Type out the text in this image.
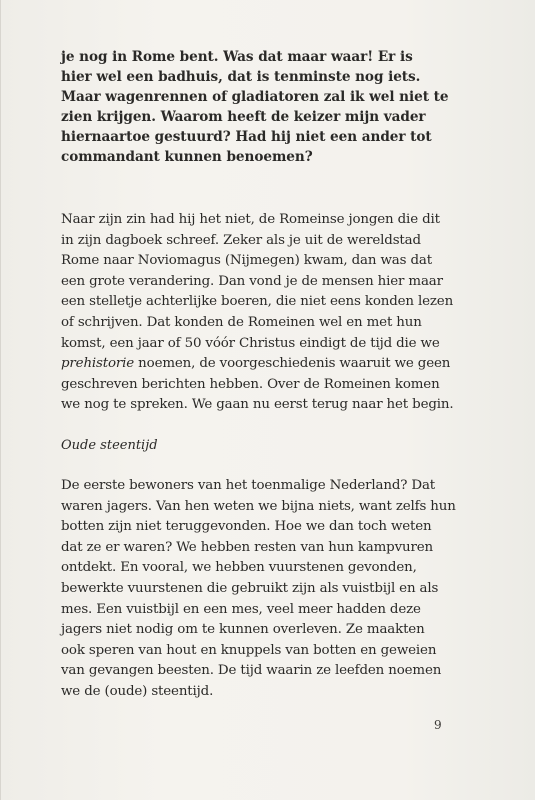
je nog in Rome bent. Was dat maar waar! Er is
hier wel een badhuis, dat is tenminste nog iets.
Maar wagenrennen of gladiatoren zal ik wel niet te
zien krijgen. Waarom heeft de keizer mijn vader
hiernaartoe gestuurd? Had hij niet een ander tot
commandant kunnen benoemen?
Naar zijn zin had hij het niet, de Romeinse jongen die dit
in zijn dagboek schreef. Zeker als je uit de wereldstad
Rome naar Noviomagus (Nijmegen) kwam, dan was dat
een grote verandering. Dan vond je de mensen hier maar
een stelletje achterlijke boeren, die niet eens konden lezen
of schrijven. Dat konden de Romeinen wel en met hun
komst, een jaar of 50 vóór Christus eindigt de tijd die we
prehistorie noemen, de voorgeschiedenis waaruit we geen
geschreven berichten hebben. Over de Romeinen komen
we nog te spreken. We gaan nu eerst terug naar het begin.
Oude steentijd
De eerste bewoners van het toenmalige Nederland? Dat
waren jagers. Van hen weten we bijna niets, want zelfs hun
botten zijn niet teruggevonden. Hoe we dan toch weten
dat ze er waren? We hebben resten van hun kampvuren
ontdekt. En vooral, we hebben vuurstenen gevonden,
bewerkte vuurstenen die gebruikt zijn als vuistbijl en als
mes. Een vuistbijl en een mes, veel meer hadden deze
jagers niet nodig om te kunnen overleven. Ze maakten
ook speren van hout en knuppels van botten en geweien
van gevangen beesten. De tijd waarin ze leefden noemen
we de (oude) steentijd.
9
